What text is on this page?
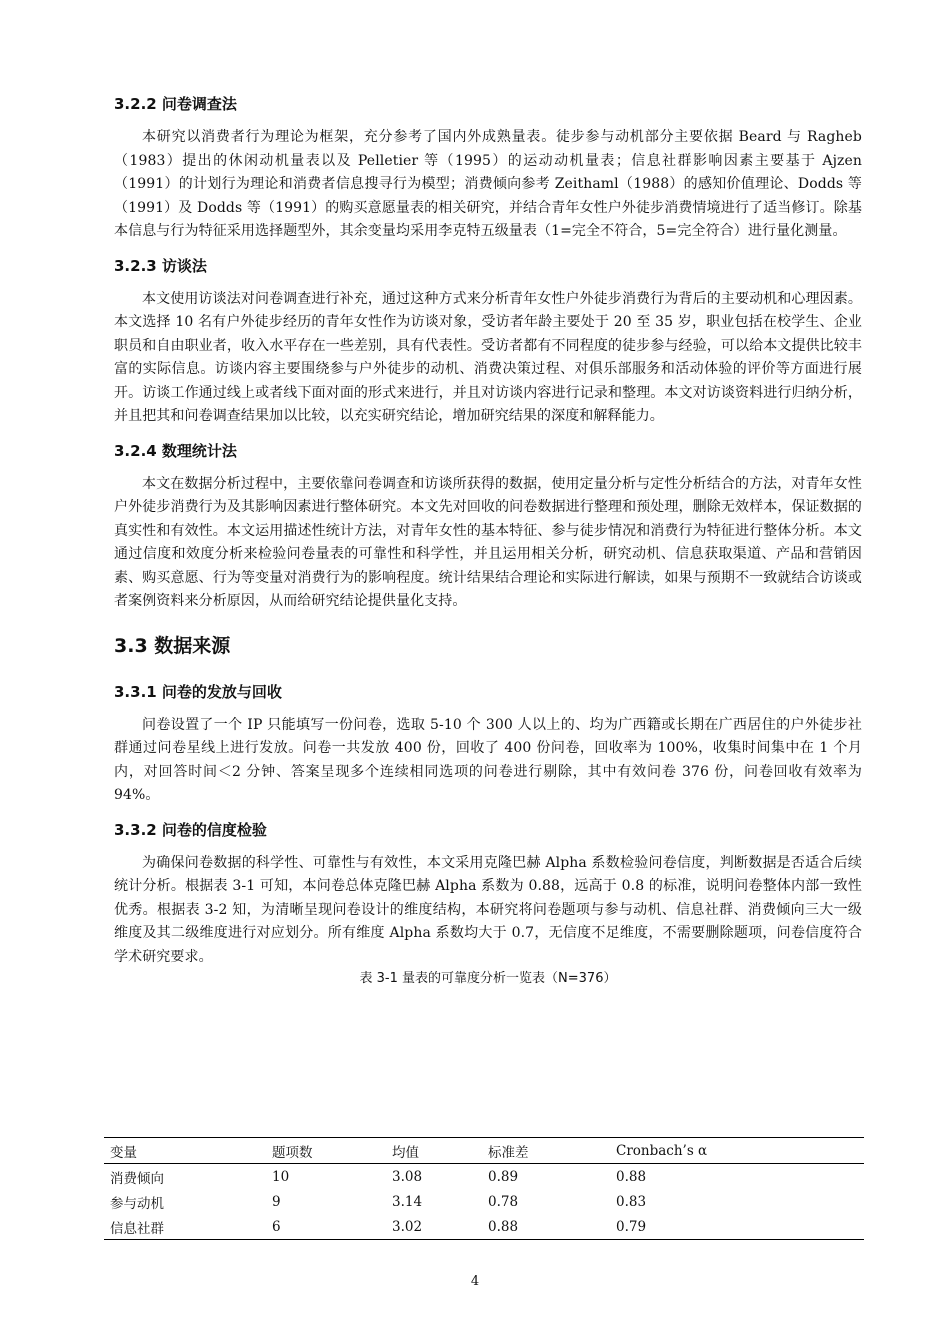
3.2.2 问卷调查法

本研究以消费者行为理论为框架，充分参考了国内外成熟量表。徒步参与动机部分主要依据 Beard 与 Ragheb（1983）提出的休闲动机量表以及 Pelletier 等（1995）的运动动机量表；信息社群影响因素主要基于 Ajzen（1991）的计划行为理论和消费者信息搜寻行为模型；消费倾向参考 Zeithaml（1988）的感知价值理论、Dodds 等（1991）及 Dodds 等（1991）的购买意愿量表的相关研究，并结合青年女性户外徒步消费情境进行了适当修订。除基本信息与行为特征采用选择题型外，其余变量均采用李克特五级量表（1=完全不符合，5=完全符合）进行量化测量。

3.2.3 访谈法

本文使用访谈法对问卷调查进行补充，通过这种方式来分析青年女性户外徒步消费行为背后的主要动机和心理因素。本文选择 10 名有户外徒步经历的青年女性作为访谈对象，受访者年龄主要处于 20 至 35 岁，职业包括在校学生、企业职员和自由职业者，收入水平存在一些差别，具有代表性。受访者都有不同程度的徒步参与经验，可以给本文提供比较丰富的实际信息。访谈内容主要围绕参与户外徒步的动机、消费决策过程、对俱乐部服务和活动体验的评价等方面进行展开。访谈工作通过线上或者线下面对面的形式来进行，并且对访谈内容进行记录和整理。本文对访谈资料进行归纳分析，并且把其和问卷调查结果加以比较，以充实研究结论，增加研究结果的深度和解释能力。

3.2.4 数理统计法

本文在数据分析过程中，主要依靠问卷调查和访谈所获得的数据，使用定量分析与定性分析结合的方法，对青年女性户外徒步消费行为及其影响因素进行整体研究。本文先对回收的问卷数据进行整理和预处理，删除无效样本，保证数据的真实性和有效性。本文运用描述性统计方法，对青年女性的基本特征、参与徒步情况和消费行为特征进行整体分析。本文通过信度和效度分析来检验问卷量表的可靠性和科学性，并且运用相关分析，研究动机、信息获取渠道、产品和营销因素、购买意愿、行为等变量对消费行为的影响程度。统计结果结合理论和实际进行解读，如果与预期不一致就结合访谈或者案例资料来分析原因，从而给研究结论提供量化支持。

3.3 数据来源
3.3.1 问卷的发放与回收

问卷设置了一个 IP 只能填写一份问卷，选取 5-10 个 300 人以上的、均为广西籍或长期在广西居住的户外徒步社群通过问卷星线上进行发放。问卷一共发放 400 份，回收了 400 份问卷，回收率为 100%，收集时间集中在 1 个月内，对回答时间＜2 分钟、答案呈现多个连续相同选项的问卷进行剔除，其中有效问卷 376 份，问卷回收有效率为 94%。

3.3.2 问卷的信度检验

为确保问卷数据的科学性、可靠性与有效性，本文采用克隆巴赫 Alpha 系数检验问卷信度，判断数据是否适合后续统计分析。根据表 3-1 可知，本问卷总体克隆巴赫 Alpha 系数为 0.88，远高于 0.8 的标准，说明问卷整体内部一致性优秀。根据表 3-2 知，为清晰呈现问卷设计的维度结构，本研究将问卷题项与参与动机、信息社群、消费倾向三大一级维度及其二级维度进行对应划分。所有维度 Alpha 系数均大于 0.7，无信度不足维度，不需要删除题项，问卷信度符合学术研究要求。

表 3-1 量表的可靠度分析一览表（N=376）

变量	题项数	均值	标准差	Cronbach’s α
消费倾向	10	3.08	0.89	0.88
参与动机	9	3.14	0.78	0.83
信息社群	6	3.02	0.88	0.79
4
